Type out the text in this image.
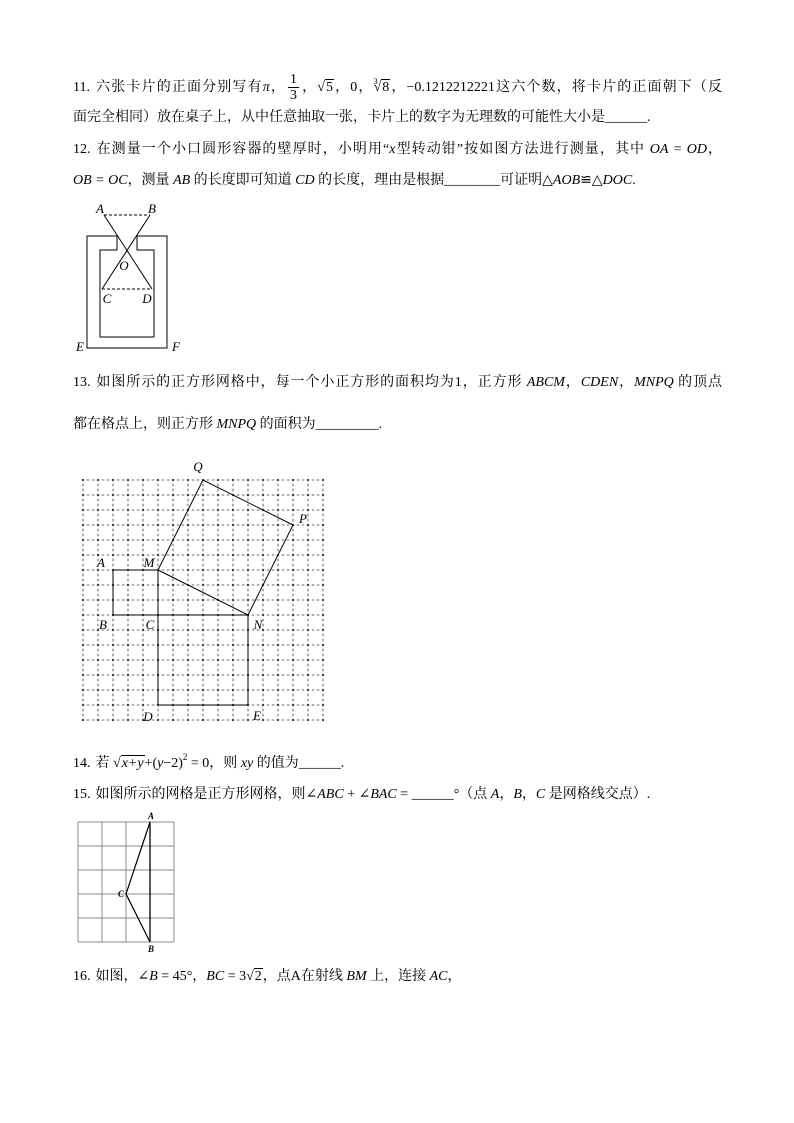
11. 六张卡片的正面分别写有π， $\frac{1}{3}$ ， √ 5，0，$^3$ √ 8，−0.1212212221这六个数，将卡片的正面朝下（反
面完全相同）放在桌子上，从中任意抽取一张，卡片上的数字为无理数的可能性大小是______.
12. 在测量一个小口圆形容器的壁厚时，小明用“x型转动钳”按如图方法进行测量，其中 OA = OD，
OB = OC，测量 AB 的长度即可知道 CD 的长度，理由是根据________可证明△AOB≌△DOC.
A	B
O
C D
E	F
13. 如图所示的正方形网格中，每一个小正方形的面积均为1，正方形 ABCM，CDEN，MNPQ 的顶点
都在格点上，则正方形 MNPQ 的面积为_________.
Q
P
A	M
B	C	N
D	E
14. 若 √ $x+y+(y-2)^2 = 0$，则 xy 的值为______.
15. 如图所示的网格是正方形网格，则∠ABC + ∠BAC = ______°（点 A，B，C 是网格线交点）.
A
C
B
16. 如图，∠B = 45°，BC = 3 √ 2，点A在射线 BM 上，连接 AC，
